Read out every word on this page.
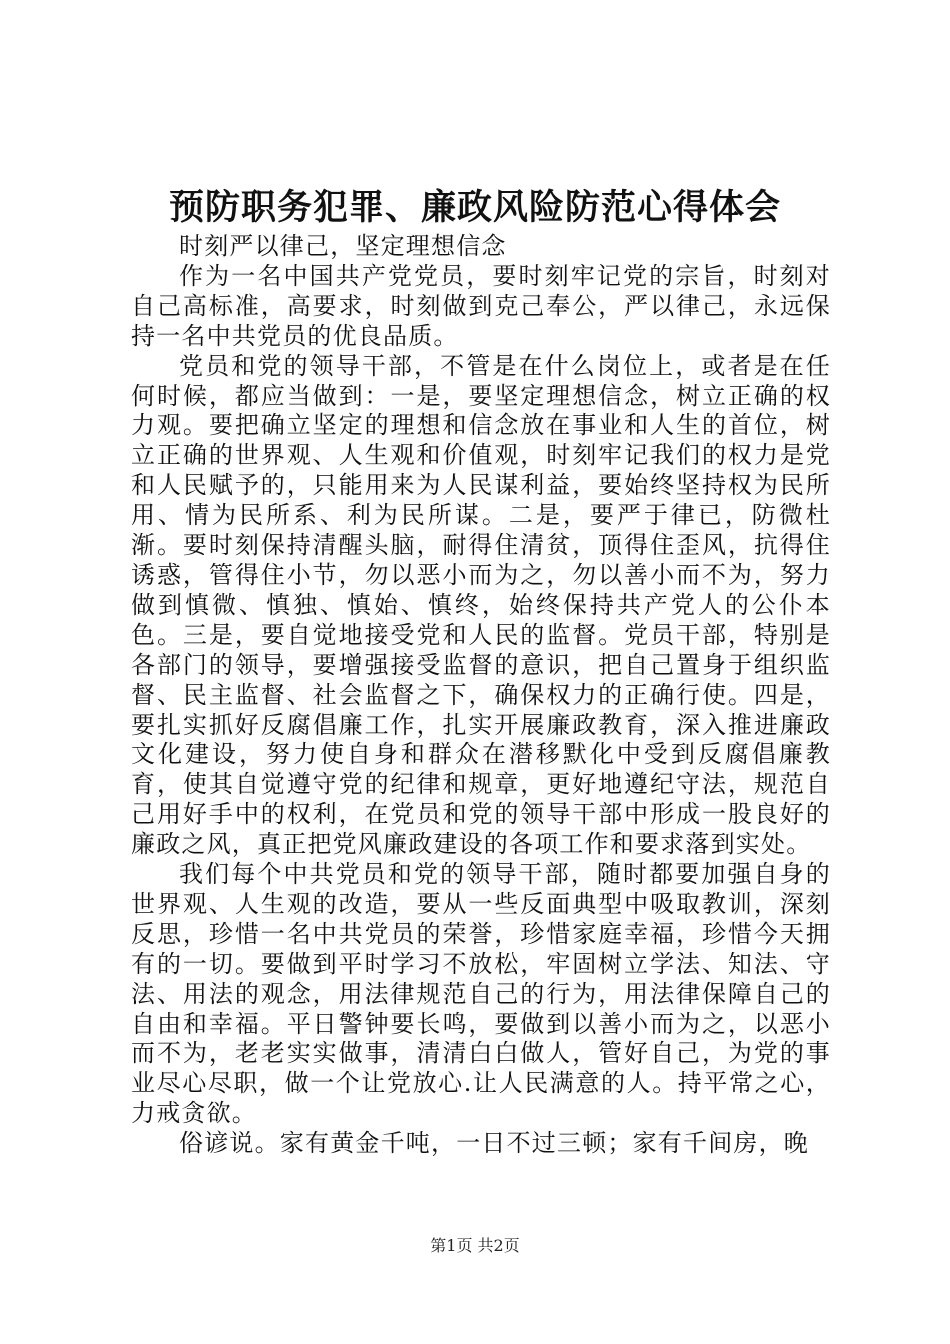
预防职务犯罪、廉政风险防范心得体会

时刻严以律己，坚定理想信念

作为一名中国共产党党员，要时刻牢记党的宗旨，时刻对自己高标准，高要求，时刻做到克己奉公，严以律己，永远保持一名中共党员的优良品质。

党员和党的领导干部，不管是在什么岗位上，或者是在任何时候，都应当做到：一是，要坚定理想信念，树立正确的权力观。要把确立坚定的理想和信念放在事业和人生的首位，树立正确的世界观、人生观和价值观，时刻牢记我们的权力是党和人民赋予的，只能用来为人民谋利益，要始终坚持权为民所用、情为民所系、利为民所谋。二是，要严于律已，防微杜渐。要时刻保持清醒头脑，耐得住清贫，顶得住歪风，抗得住诱惑，管得住小节，勿以恶小而为之，勿以善小而不为，努力做到慎微、慎独、慎始、慎终，始终保持共产党人的公仆本色。三是，要自觉地接受党和人民的监督。党员干部，特别是各部门的领导，要增强接受监督的意识，把自己置身于组织监督、民主监督、社会监督之下，确保权力的正确行使。四是，要扎实抓好反腐倡廉工作，扎实开展廉政教育，深入推进廉政文化建设，努力使自身和群众在潜移默化中受到反腐倡廉教育，使其自觉遵守党的纪律和规章，更好地遵纪守法，规范自己用好手中的权利，在党员和党的领导干部中形成一股良好的廉政之风，真正把党风廉政建设的各项工作和要求落到实处。

我们每个中共党员和党的领导干部，随时都要加强自身的世界观、人生观的改造，要从一些反面典型中吸取教训，深刻反思，珍惜一名中共党员的荣誉，珍惜家庭幸福，珍惜今天拥有的一切。要做到平时学习不放松，牢固树立学法、知法、守法、用法的观念，用法律规范自己的行为，用法律保障自己的自由和幸福。平日警钟要长鸣，要做到以善小而为之，以恶小而不为，老老实实做事，清清白白做人，管好自己，为党的事业尽心尽职，做一个让党放心.让人民满意的人。持平常之心，力戒贪欲。

俗谚说。家有黄金千吨，一日不过三顿；家有千间房，晚

第1页 共2页
